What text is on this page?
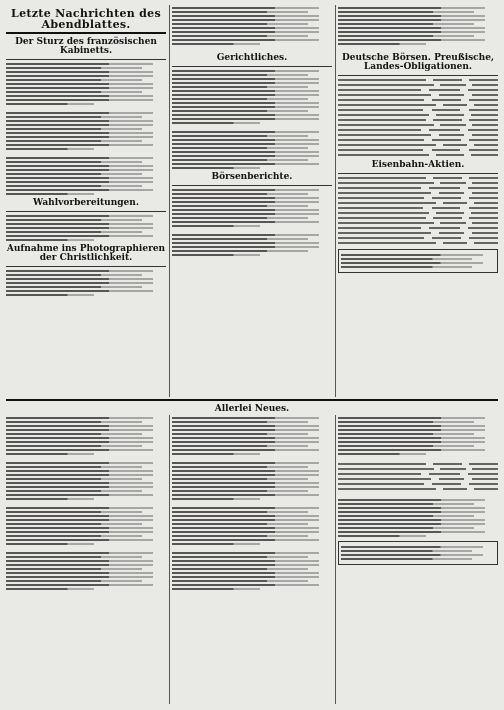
Letzte Nachrichten des Abendblattes.
Der Sturz des französischen Kabinetts.
Wahlvorbereitungen.
Aufnahme ins Photographieren der Christlichkeit.
Gerichtliches.
Börsenberichte.
Deutsche Börsen. Preußische, Landes-Obligationen.
Eisenbahn-Aktien.
Allerlei Neues.
